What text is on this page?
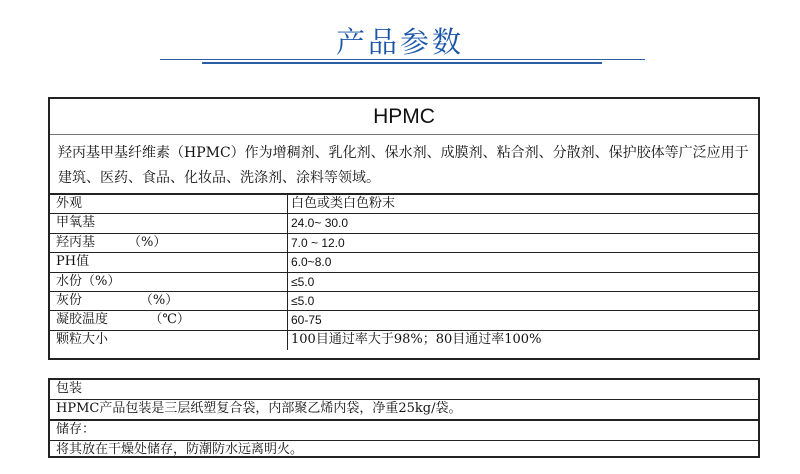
产品参数
HPMC
羟丙基甲基纤维素（HPMC）作为增稠剂、乳化剂、保水剂、成膜剂、粘合剂、分散剂、保护胶体等广泛应用于建筑、医药、食品、化妆品、洗涤剂、涂料等领域。
外观	白色或类白色粉末
甲氧基	24.0~ 30.0
羟丙基        （%）	7.0 ~ 12.0
PH值	6.0~8.0
水份（%）	≤5.0
灰份              （%）	≤5.0
凝胶温度          （℃）	60-75
颗粒大小	100目通过率大于98%；80目通过率100%
包装
HPMC产品包装是三层纸塑复合袋，内部聚乙烯内袋，净重25kg/袋。
储存：
将其放在干燥处储存，防潮防水远离明火。
